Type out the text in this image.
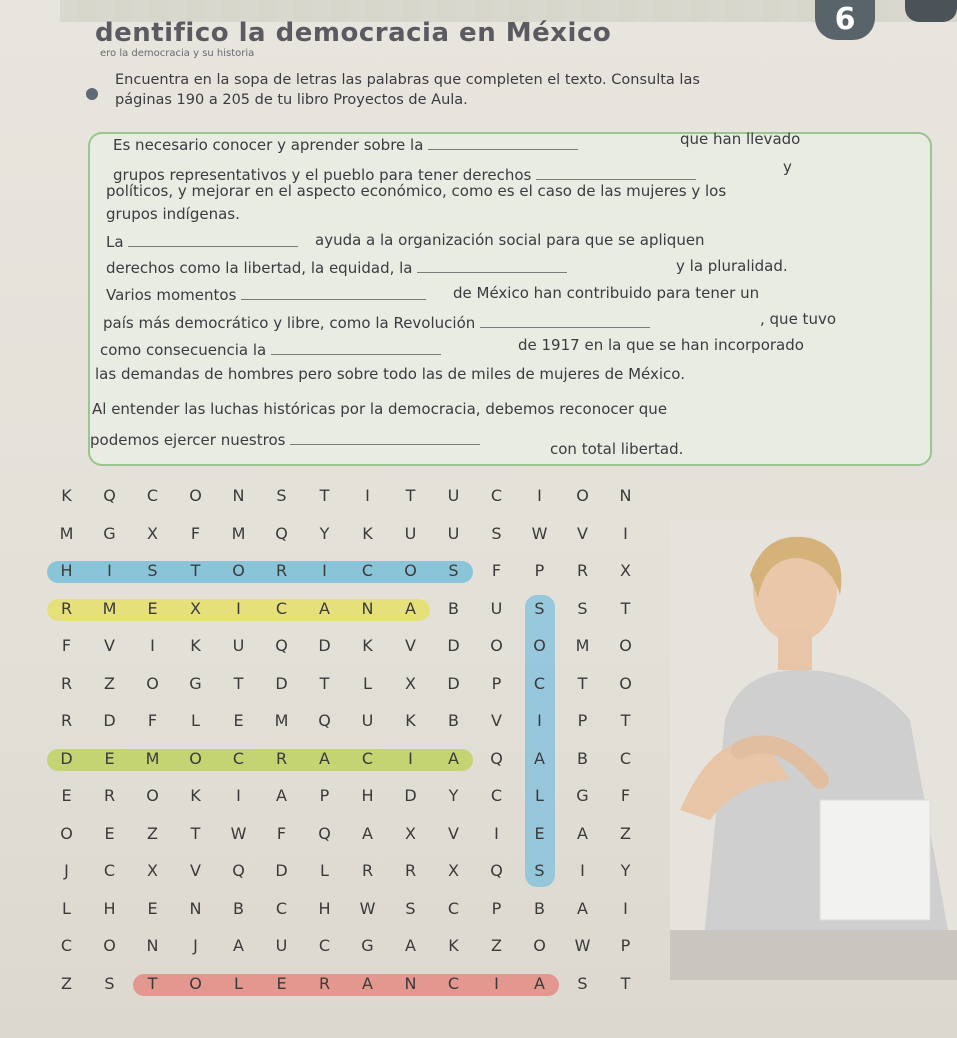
6
dentifico la democracia en México
ero la democracia y su historia
Encuentra en la sopa de letras las palabras que completen el texto. Consulta las
páginas 190 a 205 de tu libro Proyectos de Aula.
Es necesario conocer y aprender sobre la	que han llevado
grupos representativos y el pueblo para tener derechos	y
políticos, y mejorar en el aspecto económico, como es el caso de las mujeres y los
grupos indígenas.
La	ayuda a la organización social para que se apliquen
derechos como la libertad, la equidad, la	y la pluralidad.
Varios momentos	de México han contribuido para tener un
país más democrático y libre, como la Revolución	, que tuvo
como consecuencia la	de 1917 en la que se han incorporado
las demandas de hombres pero sobre todo las de miles de mujeres de México.
Al entender las luchas históricas por la democracia, debemos reconocer que
podemos ejercer nuestros	con total libertad.
K	Q	C	O	N	S	T	I	T	U	C	I	O	N
M	G	X	F	M	Q	Y	K	U	U	S	W	V	I
H	I	S	T	O	R	I	C	O	S	F	P	R	X
R	M	E	X	I	C	A	N	A	B	U	S	S	T
F	V	I	K	U	Q	D	K	V	D	O	O	M	O
R	Z	O	G	T	D	T	L	X	D	P	C	T	O
R	D	F	L	E	M	Q	U	K	B	V	I	P	T
D	E	M	O	C	R	A	C	I	A	Q	A	B	C
E	R	O	K	I	A	P	H	D	Y	C	L	G	F
O	E	Z	T	W	F	Q	A	X	V	I	E	A	Z
J	C	X	V	Q	D	L	R	R	X	Q	S	I	Y
L	H	E	N	B	C	H	W	S	C	P	B	A	I
C	O	N	J	A	U	C	G	A	K	Z	O	W	P
Z	S	T	O	L	E	R	A	N	C	I	A	S	T
